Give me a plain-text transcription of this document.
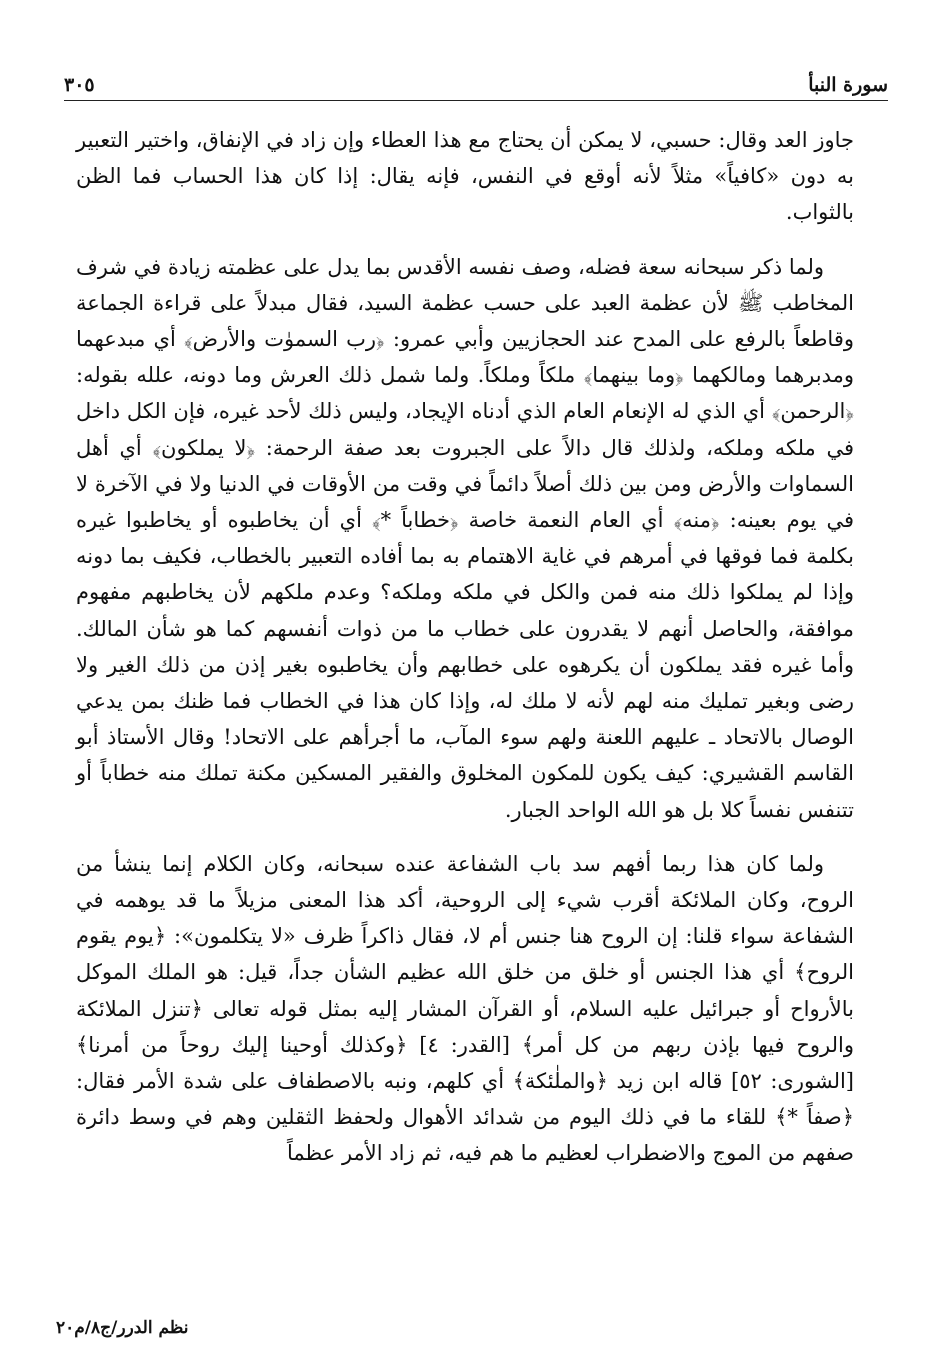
سورة النبأ
٣٠٥

جاوز العد وقال: حسبي، لا يمكن أن يحتاج مع هذا العطاء وإن زاد في الإنفاق، واختير التعبير به دون «كافياً» مثلاً لأنه أوقع في النفس، فإنه يقال: إذا كان هذا الحساب فما الظن بالثواب.

ولما ذكر سبحانه سعة فضله، وصف نفسه الأقدس بما يدل على عظمته زيادة في شرف المخاطب ﷺ لأن عظمة العبد على حسب عظمة السيد، فقال مبدلاً على قراءة الجماعة وقاطعاً بالرفع على المدح عند الحجازيين وأبي عمرو: ﴿رب السموٰت والأرض﴾ أي مبدعهما ومدبرهما ومالكهما ﴿وما بينهما﴾ ملكاً وملكاً. ولما شمل ذلك العرش وما دونه، علله بقوله: ﴿الرحمن﴾ أي الذي له الإنعام العام الذي أدناه الإيجاد، وليس ذلك لأحد غيره، فإن الكل داخل في ملكه وملكه، ولذلك قال دالاً على الجبروت بعد صفة الرحمة: ﴿لا يملكون﴾ أي أهل السماوات والأرض ومن بين ذلك أصلاً دائماً في وقت من الأوقات في الدنيا ولا في الآخرة لا في يوم بعينه: ﴿منه﴾ أي العام النعمة خاصة ﴿خطاباً *﴾ أي أن يخاطبوه أو يخاطبوا غيره بكلمة فما فوقها في أمرهم في غاية الاهتمام به بما أفاده التعبير بالخطاب، فكيف بما دونه وإذا لم يملكوا ذلك منه فمن والكل في ملكه وملكه؟ وعدم ملكهم لأن يخاطبهم مفهوم موافقة، والحاصل أنهم لا يقدرون على خطاب ما من ذوات أنفسهم كما هو شأن المالك. وأما غيره فقد يملكون أن يكرهوه على خطابهم وأن يخاطبوه بغير إذن من ذلك الغير ولا رضى وبغير تمليك منه لهم لأنه لا ملك له، وإذا كان هذا في الخطاب فما ظنك بمن يدعي الوصال بالاتحاد ـ عليهم اللعنة ولهم سوء المآب، ما أجرأهم على الاتحاد! وقال الأستاذ أبو القاسم القشيري: كيف يكون للمكون المخلوق والفقير المسكين مكنة تملك منه خطاباً أو تتنفس نفساً كلا بل هو الله الواحد الجبار.

ولما كان هذا ربما أفهم سد باب الشفاعة عنده سبحانه، وكان الكلام إنما ينشأ من الروح، وكان الملائكة أقرب شيء إلى الروحية، أكد هذا المعنى مزيلاً ما قد يوهمه في الشفاعة سواء قلنا: إن الروح هنا جنس أم لا، فقال ذاكراً ظرف «لا يتكلمون»: ﴿يوم يقوم الروح﴾ أي هذا الجنس أو خلق من خلق الله عظيم الشأن جداً، قيل: هو الملك الموكل بالأرواح أو جبرائيل عليه السلام، أو القرآن المشار إليه بمثل قوله تعالى ﴿تنزل الملائكة والروح فيها بإذن ربهم من كل أمر﴾ [القدر: ٤] ﴿وكذلك أوحينا إليك روحاً من أمرنا﴾ [الشورى: ٥٢] قاله ابن زيد ﴿والملٰئكة﴾ أي كلهم، ونبه بالاصطفاف على شدة الأمر فقال: ﴿صفاً *﴾ للقاء ما في ذلك اليوم من شدائد الأهوال ولحفظ الثقلين وهم في وسط دائرة صفهم من الموج والاضطراب لعظيم ما هم فيه، ثم زاد الأمر عظماً

نظم الدرر/ج٨/م٢٠
